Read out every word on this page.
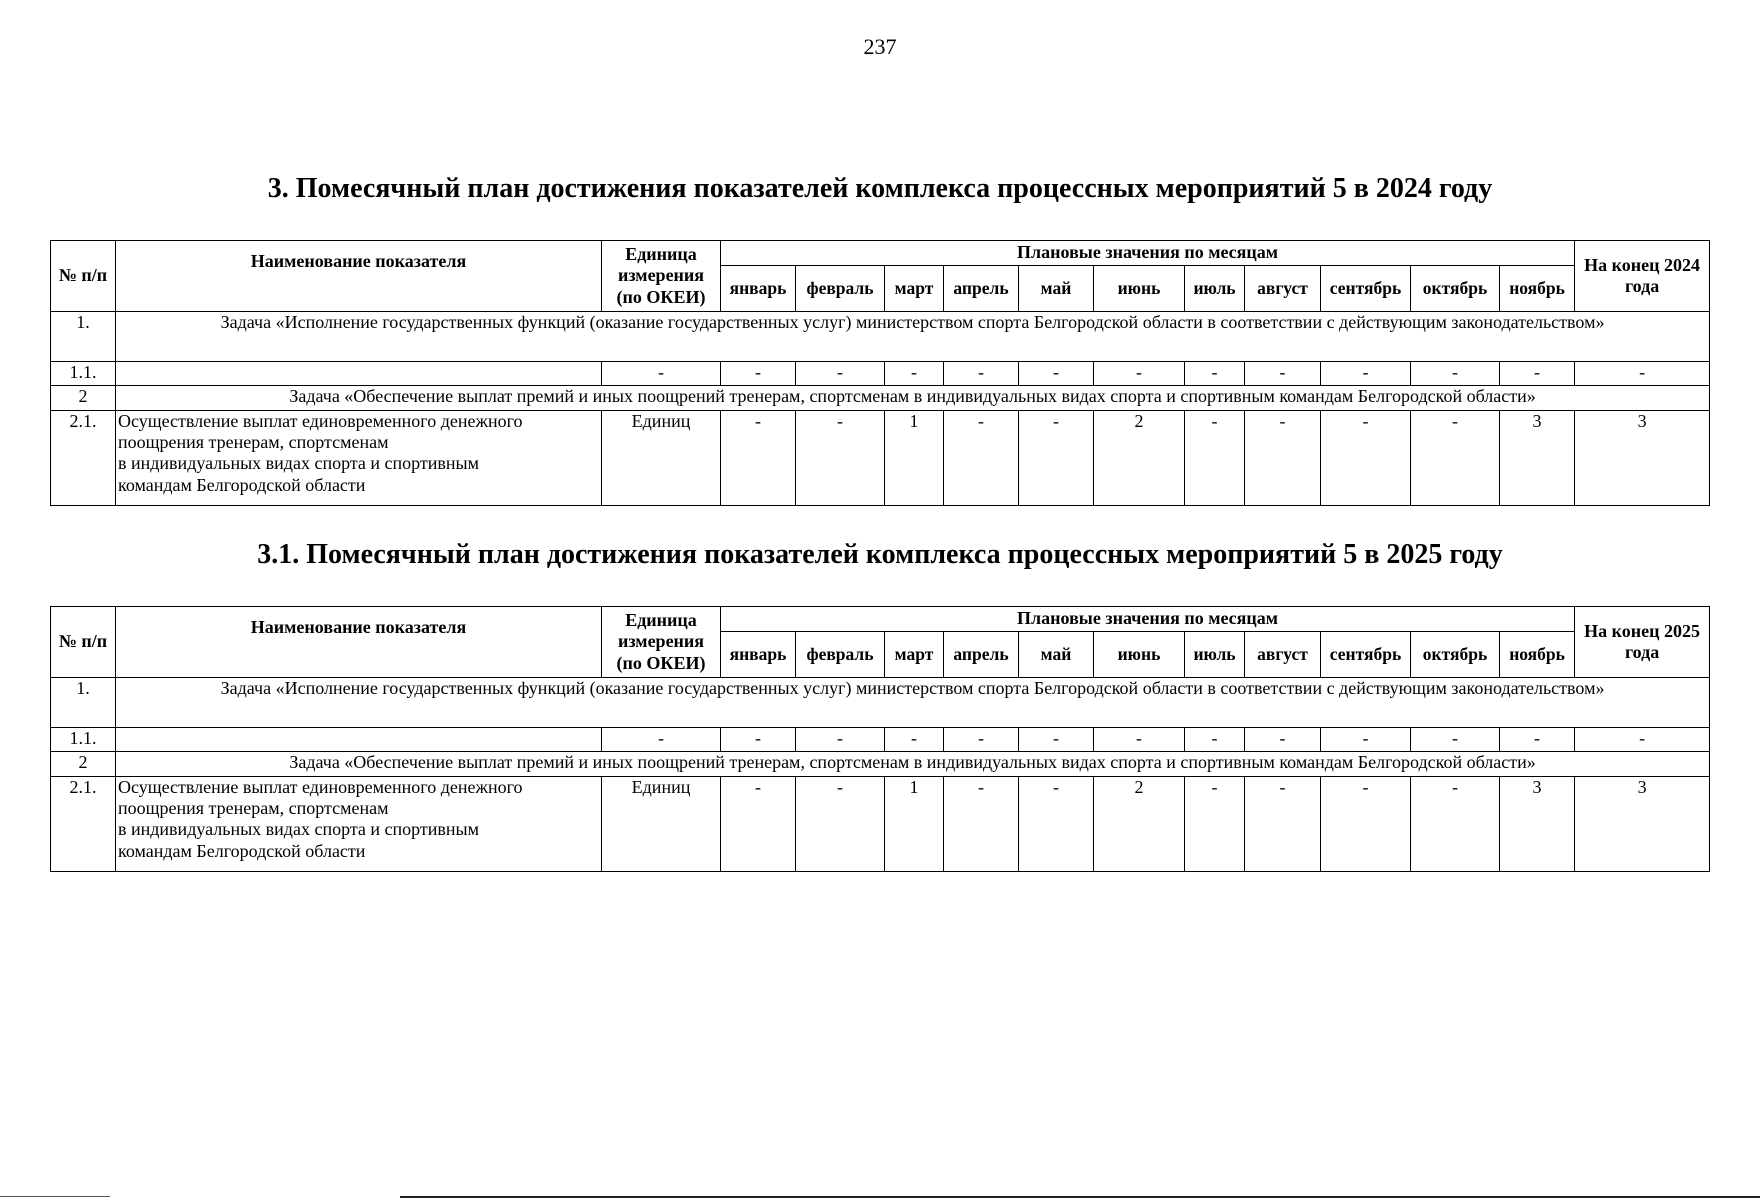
237
3. Помесячный план достижения показателей комплекса процессных мероприятий 5 в 2024 году
№ п/п	Наименование показателя	Единица измерения (по ОКЕИ)	Плановые значения по месяцам											На конец 2024 года
			январь	февраль	март	апрель	май	июнь	июль	август	сентябрь	октябрь	ноябрь	
1.	Задача «Исполнение государственных функций (оказание государственных услуг) министерством спорта Белгородской области в соответствии с действующим законодательством»													
1.1.		-	-	-	-	-	-	-	-	-	-	-	-	-
2	Задача «Обеспечение выплат премий и иных поощрений тренерам, спортсменам в индивидуальных видах спорта и спортивным командам Белгородской области»													
2.1.	Осуществление выплат единовременного денежного
поощрения тренерам, спортсменам
в индивидуальных видах спорта и спортивным
командам Белгородской области	Единиц	-	-	1	-	-	2	-	-	-	-	3	3
3.1. Помесячный план достижения показателей комплекса процессных мероприятий 5 в 2025 году
№ п/п	Наименование показателя	Единица измерения (по ОКЕИ)	Плановые значения по месяцам											На конец 2025 года
			январь	февраль	март	апрель	май	июнь	июль	август	сентябрь	октябрь	ноябрь	
1.	Задача «Исполнение государственных функций (оказание государственных услуг) министерством спорта Белгородской области в соответствии с действующим законодательством»													
1.1.		-	-	-	-	-	-	-	-	-	-	-	-	-
2	Задача «Обеспечение выплат премий и иных поощрений тренерам, спортсменам в индивидуальных видах спорта и спортивным командам Белгородской области»													
2.1.	Осуществление выплат единовременного денежного
поощрения тренерам, спортсменам
в индивидуальных видах спорта и спортивным
командам Белгородской области	Единиц	-	-	1	-	-	2	-	-	-	-	3	3
